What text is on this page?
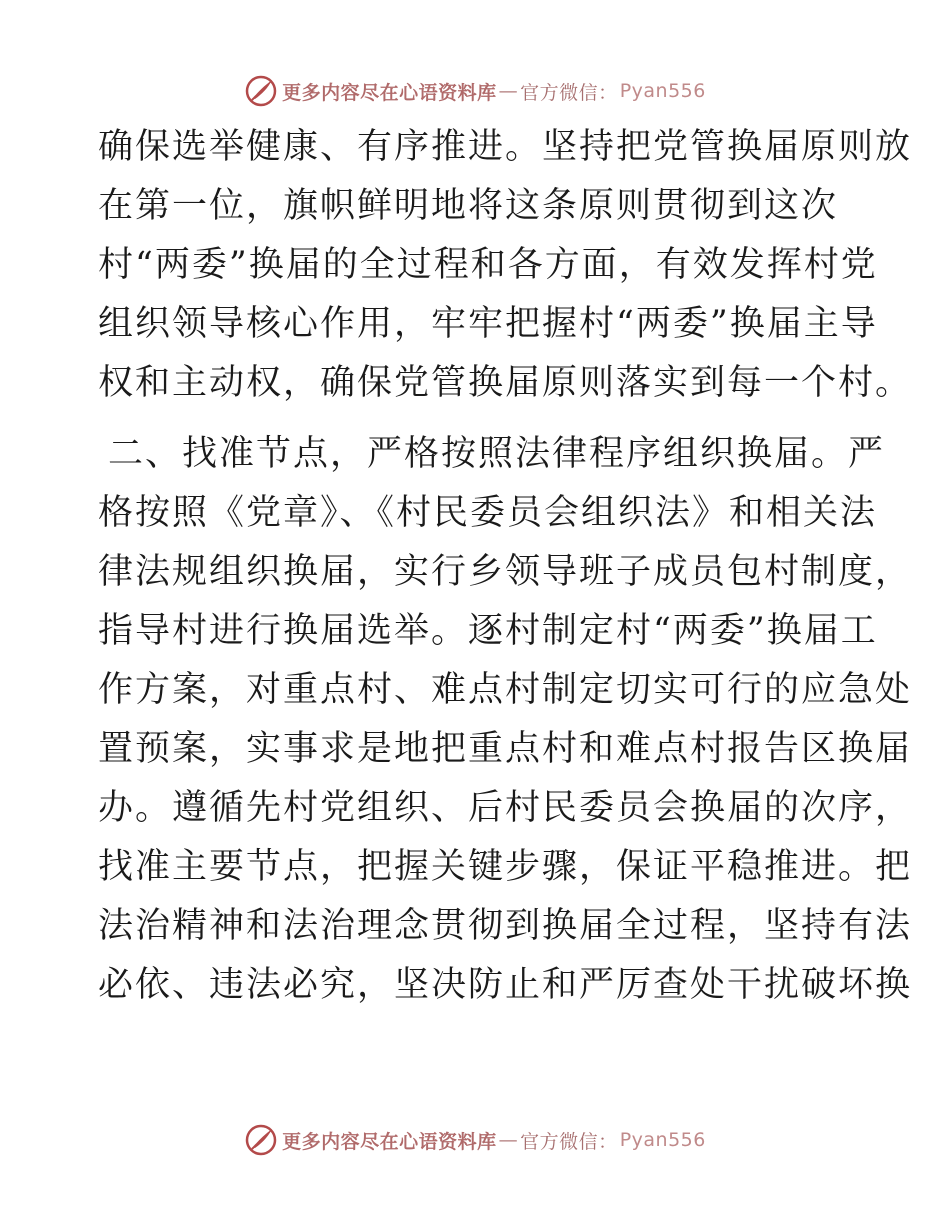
更多内容尽在心语资料库 — 官方微信： Pyan556
确保选举健康、有序推进。坚持把党管换届原则放
在第一位，旗帜鲜明地将这条原则贯彻到这次
村“两委”换届的全过程和各方面，有效发挥村党
组织领导核心作用，牢牢把握村“两委”换届主导
权和主动权，确保党管换届原则落实到每一个村。
二、找准节点，严格按照法律程序组织换届。严
格按照《党章》、《村民委员会组织法》和相关法
律法规组织换届，实行乡领导班子成员包村制度，
指导村进行换届选举。逐村制定村“两委”换届工
作方案，对重点村、难点村制定切实可行的应急处
置预案，实事求是地把重点村和难点村报告区换届
办。遵循先村党组织、后村民委员会换届的次序，
找准主要节点，把握关键步骤，保证平稳推进。把
法治精神和法治理念贯彻到换届全过程，坚持有法
必依、违法必究，坚决防止和严厉查处干扰破坏换
更多内容尽在心语资料库 — 官方微信： Pyan556
